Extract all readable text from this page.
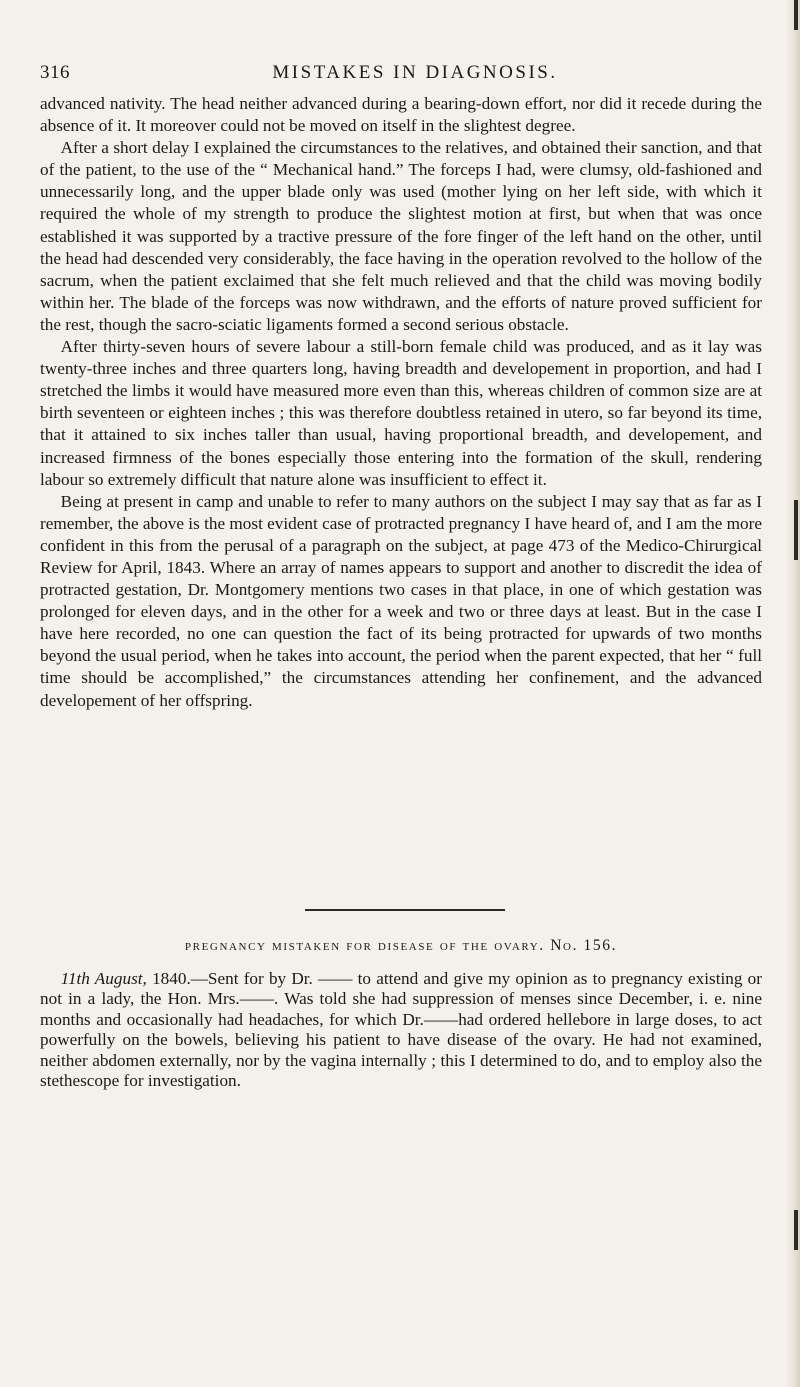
316	MISTAKES IN DIAGNOSIS.

advanced nativity. The head neither advanced during a bearing-down effort, nor did it recede during the absence of it. It moreover could not be moved on itself in the slightest degree.

After a short delay I explained the circumstances to the relatives, and obtained their sanction, and that of the patient, to the use of the “ Mechanical hand.” The forceps I had, were clumsy, old-fashioned and unnecessarily long, and the upper blade only was used (mother lying on her left side, with which it required the whole of my strength to produce the slightest motion at first, but when that was once established it was supported by a tractive pressure of the fore finger of the left hand on the other, until the head had descended very considerably, the face having in the operation revolved to the hollow of the sacrum, when the patient exclaimed that she felt much relieved and that the child was moving bodily within her. The blade of the forceps was now withdrawn, and the efforts of nature proved sufficient for the rest, though the sacro-sciatic ligaments formed a second serious obstacle.

After thirty-seven hours of severe labour a still-born female child was produced, and as it lay was twenty-three inches and three quarters long, having breadth and developement in proportion, and had I stretched the limbs it would have measured more even than this, whereas children of common size are at birth seventeen or eighteen inches ; this was therefore doubtless retained in utero, so far beyond its time, that it attained to six inches taller than usual, having proportional breadth, and developement, and increased firmness of the bones especially those entering into the formation of the skull, rendering labour so extremely difficult that nature alone was insufficient to effect it.

Being at present in camp and unable to refer to many authors on the subject I may say that as far as I remember, the above is the most evident case of protracted pregnancy I have heard of, and I am the more confident in this from the perusal of a paragraph on the subject, at page 473 of the Medico-Chirurgical Review for April, 1843. Where an array of names appears to support and another to discredit the idea of protracted gestation, Dr. Montgomery mentions two cases in that place, in one of which gestation was prolonged for eleven days, and in the other for a week and two or three days at least. But in the case I have here recorded, no one can question the fact of its being protracted for upwards of two months beyond the usual period, when he takes into account, the period when the parent expected, that her “ full time should be accomplished,” the circumstances attending her confinement, and the advanced developement of her offspring.

pregnancy mistaken for disease of the ovary. No. 156.

11th August, 1840.—Sent for by Dr. —— to attend and give my opinion as to pregnancy existing or not in a lady, the Hon. Mrs.——. Was told she had suppression of menses since December, i. e. nine months and occasionally had headaches, for which Dr.——had ordered hellebore in large doses, to act powerfully on the bowels, believing his patient to have disease of the ovary. He had not examined, neither abdomen externally, nor by the vagina internally ; this I determined to do, and to employ also the stethescope for investigation.
